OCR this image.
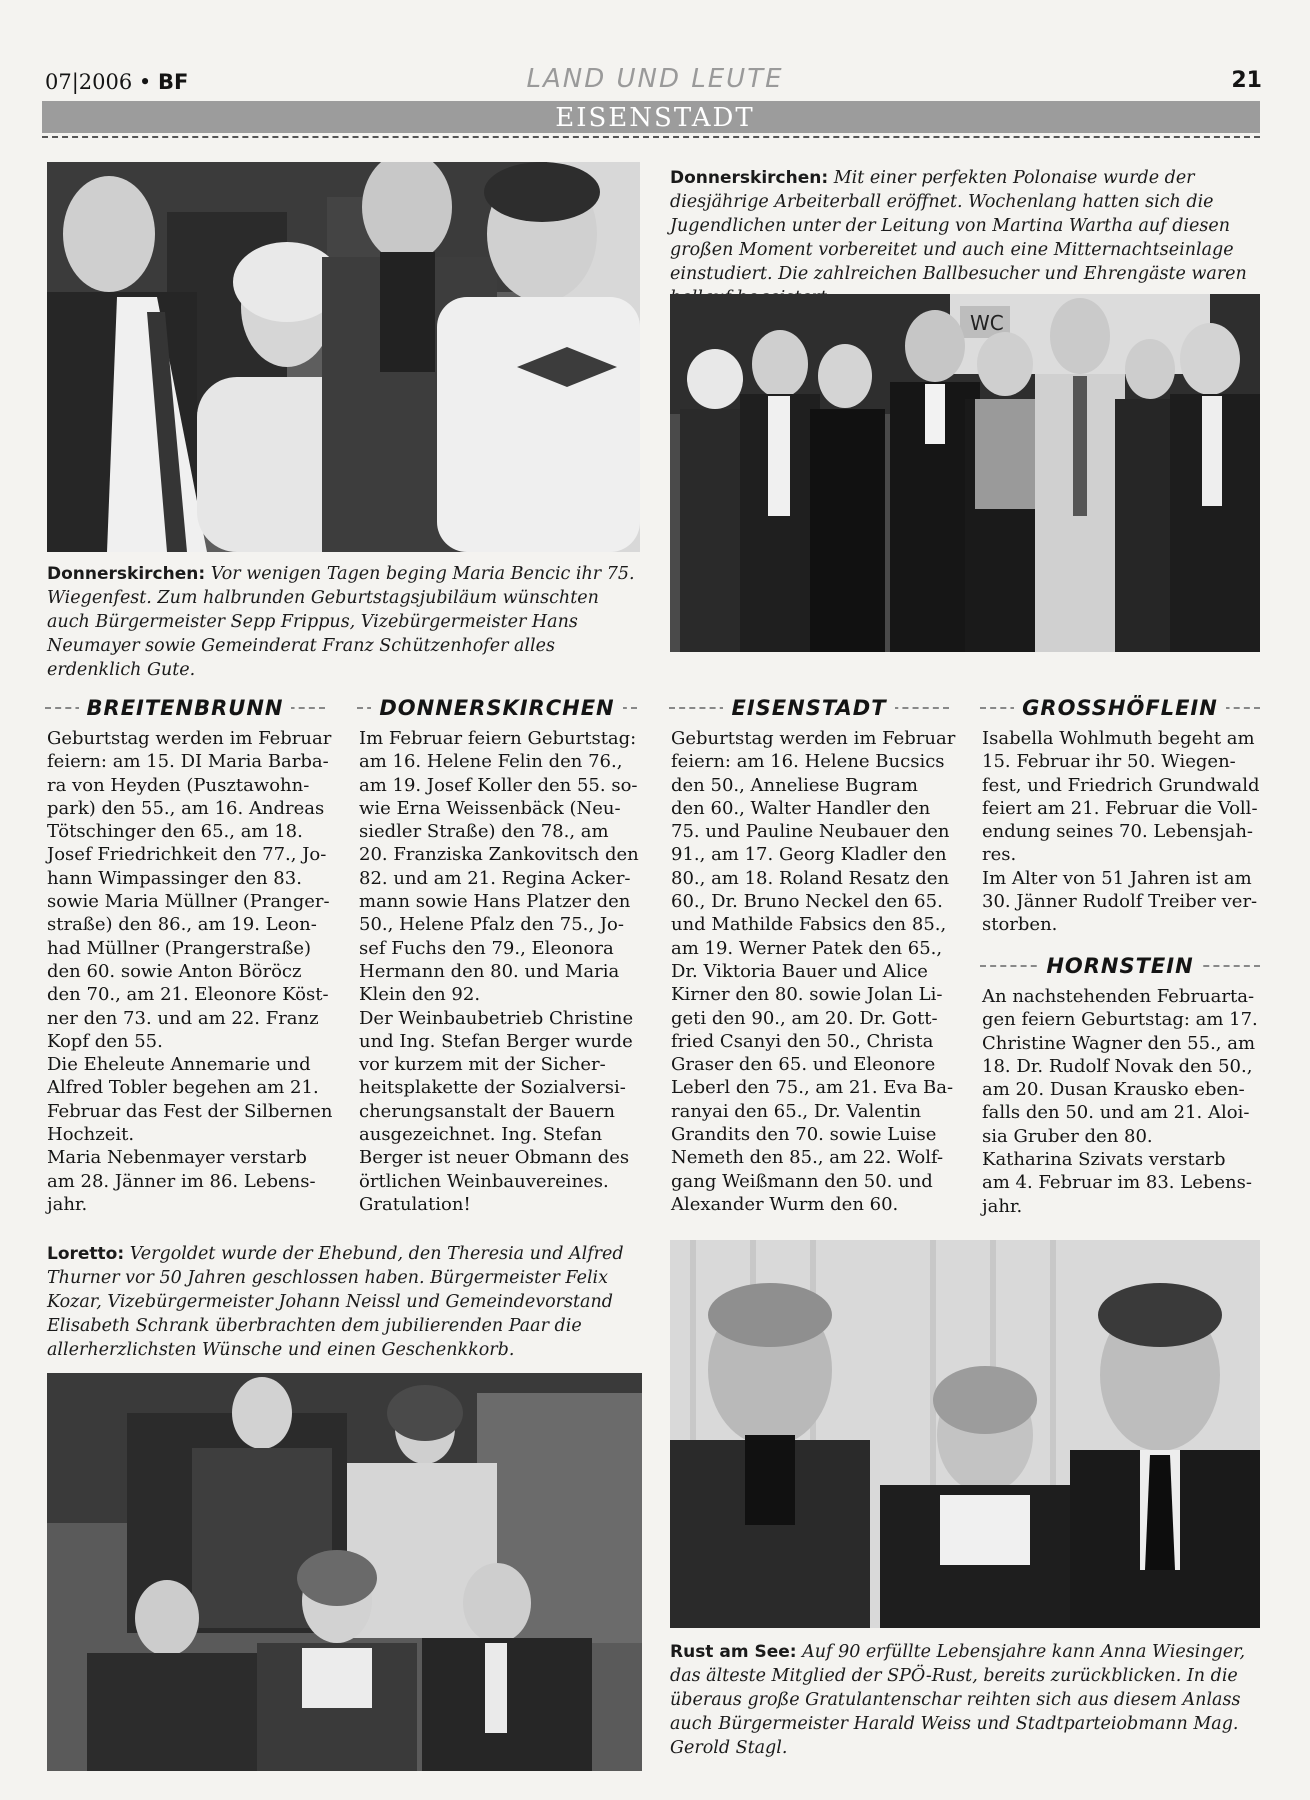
07|2006 • BF	LAND UND LEUTE	21
EISENSTADT
Donnerskirchen: Vor wenigen Tagen beging Maria Bencic ihr 75. Wiegenfest. Zum halbrunden Geburtstagsjubiläum wünschten auch Bürgermeister Sepp Frippus, Vizebürgermeister Hans Neumayer sowie Gemeinderat Franz Schützenhofer alles erdenklich Gute.
Donnerskirchen: Mit einer perfekten Polonaise wurde der diesjährige Arbeiterball eröffnet. Wochenlang hatten sich die Jugendlichen unter der Leitung von Martina Wartha auf diesen großen Moment vorbereitet und auch eine Mitternachtseinlage einstudiert. Die zahlreichen Ballbesucher und Ehrengäste waren
WC
BREITENBRUNN	DONNERSKIRCHEN	EISENSTADT	GROSSHÖFLEIN
Geburtstag werden im Februar
feiern: am 15. DI Maria Barba-
ra von Heyden (Pusztawohn-
park) den 55., am 16. Andreas
Tötschinger den 65., am 18.
Josef Friedrichkeit den 77., Jo-
hann Wimpassinger den 83.
sowie Maria Müllner (Pranger-
straße) den 86., am 19. Leon-
had Müllner (Prangerstraße)
den 60. sowie Anton Böröcz
den 70., am 21. Eleonore Köst-
ner den 73. und am 22. Franz
Kopf den 55.
Die Eheleute Annemarie und
Alfred Tobler begehen am 21.
Februar das Fest der Silbernen
Hochzeit.
Maria Nebenmayer verstarb
am 28. Jänner im 86. Lebens-
jahr.
Im Februar feiern Geburtstag:
am 16. Helene Felin den 76.,
am 19. Josef Koller den 55. so-
wie Erna Weissenbäck (Neu-
siedler Straße) den 78., am
20. Franziska Zankovitsch den
82. und am 21. Regina Acker-
mann sowie Hans Platzer den
50., Helene Pfalz den 75., Jo-
sef Fuchs den 79., Eleonora
Hermann den 80. und Maria
Klein den 92.
Der Weinbaubetrieb Christine
und Ing. Stefan Berger wurde
vor kurzem mit der Sicher-
heitsplakette der Sozialversi-
cherungsanstalt der Bauern
ausgezeichnet. Ing. Stefan
Berger ist neuer Obmann des
örtlichen Weinbauvereines.
Gratulation!
Geburtstag werden im Februar
feiern: am 16. Helene Bucsics
den 50., Anneliese Bugram
den 60., Walter Handler den
75. und Pauline Neubauer den
91., am 17. Georg Kladler den
80., am 18. Roland Resatz den
60., Dr. Bruno Neckel den 65.
und Mathilde Fabsics den 85.,
am 19. Werner Patek den 65.,
Dr. Viktoria Bauer und Alice
Kirner den 80. sowie Jolan Li-
geti den 90., am 20. Dr. Gott-
fried Csanyi den 50., Christa
Graser den 65. und Eleonore
Leberl den 75., am 21. Eva Ba-
ranyai den 65., Dr. Valentin
Grandits den 70. sowie Luise
Nemeth den 85., am 22. Wolf-
gang Weißmann den 50. und
Alexander Wurm den 60.
Isabella Wohlmuth begeht am
15. Februar ihr 50. Wiegen-
fest, und Friedrich Grundwald
feiert am 21. Februar die Voll-
endung seines 70. Lebensjah-
res.
Im Alter von 51 Jahren ist am
30. Jänner Rudolf Treiber ver-
storben.
HORNSTEIN
An nachstehenden Februarta-
gen feiern Geburtstag: am 17.
Christine Wagner den 55., am
18. Dr. Rudolf Novak den 50.,
am 20. Dusan Krausko eben-
falls den 50. und am 21. Aloi-
sia Gruber den 80.
Katharina Szivats verstarb
am 4. Februar im 83. Lebens-
jahr.
Loretto: Vergoldet wurde der Ehebund, den Theresia und Alfred Thurner vor 50 Jahren geschlossen haben. Bürgermeister Felix Kozar, Vizebürgermeister Johann Neissl und Gemeindevorstand Elisabeth Schrank überbrachten dem jubilierenden Paar die allerherzlichsten Wünsche und einen Geschenkkorb.
Rust am See: Auf 90 erfüllte Lebensjahre kann Anna Wiesinger, das älteste Mitglied der SPÖ-Rust, bereits zurückblicken. In die überaus große Gratulantenschar reihten sich aus diesem Anlass auch Bürgermeister Harald Weiss und Stadtparteiobmann Mag. Gerold Stagl.
